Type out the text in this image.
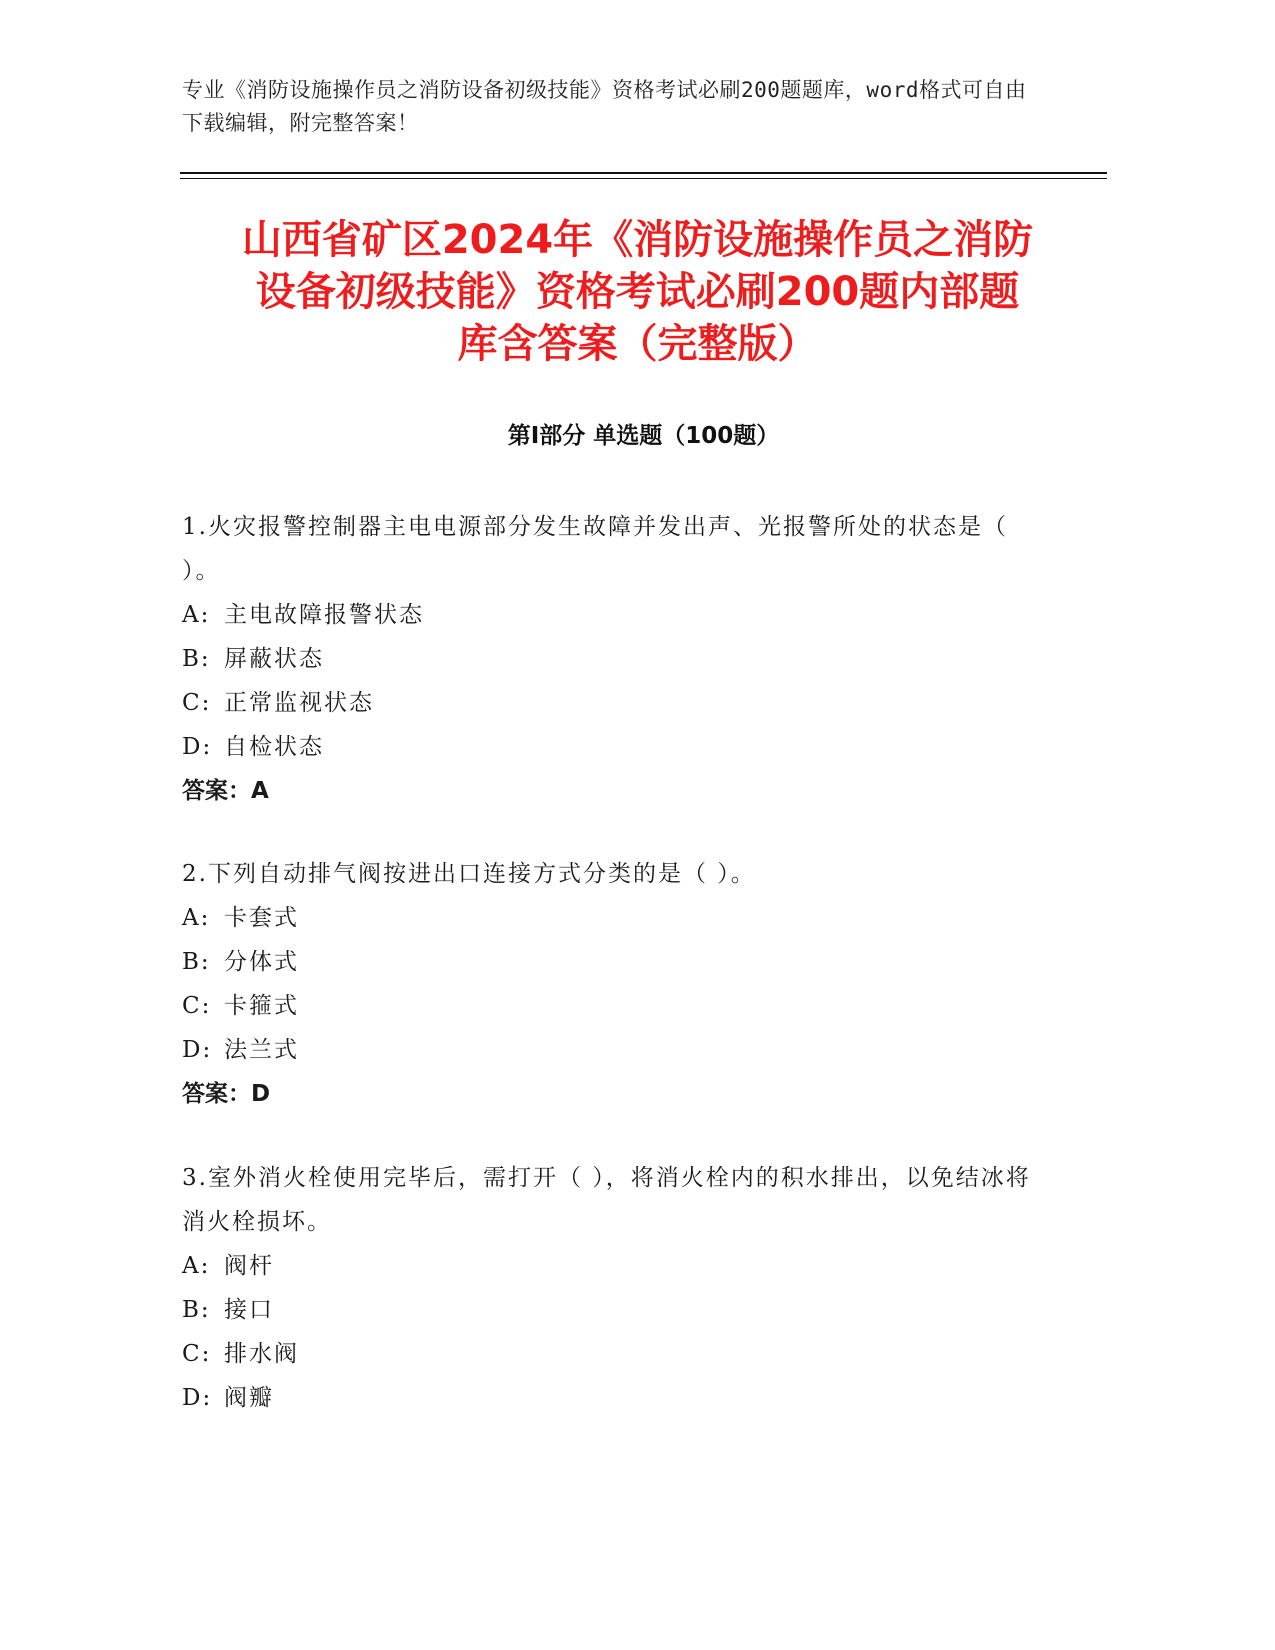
专业《消防设施操作员之消防设备初级技能》资格考试必刷200题题库，word格式可自由下载编辑，附完整答案！
山西省矿区2024年《消防设施操作员之消防
设备初级技能》资格考试必刷200题内部题
库含答案（完整版）
第I部分 单选题（100题）
1.火灾报警控制器主电电源部分发生故障并发出声、光报警所处的状态是（ ）。
A: 主电故障报警状态
B: 屏蔽状态
C: 正常监视状态
D: 自检状态
答案：A
2.下列自动排气阀按进出口连接方式分类的是（ ）。
A: 卡套式
B: 分体式
C: 卡箍式
D: 法兰式
答案：D
3.室外消火栓使用完毕后，需打开（ ），将消火栓内的积水排出，以免结冰将消火栓损坏。
A: 阀杆
B: 接口
C: 排水阀
D: 阀瓣
